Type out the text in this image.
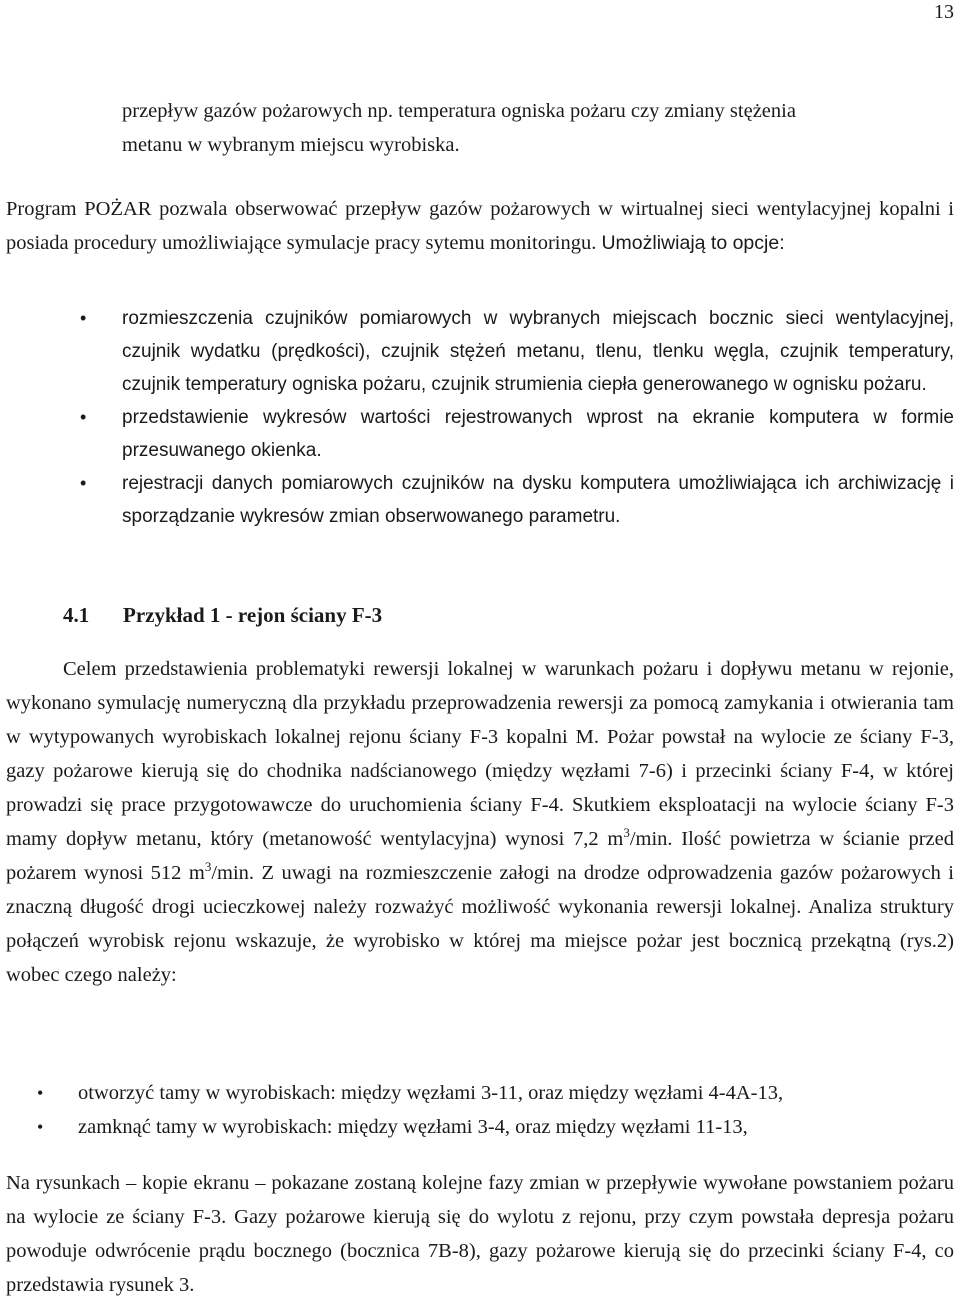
13

przepływ gazów pożarowych np. temperatura ogniska pożaru czy zmiany stężenia
metanu w wybranym miejscu wyrobiska.

Program POŻAR pozwala obserwować przepływ gazów pożarowych w wirtualnej sieci wentylacyjnej kopalni i posiada procedury umożliwiające symulacje pracy sytemu monitoringu. Umożliwiają to opcje:

• rozmieszczenia czujników pomiarowych w wybranych miejscach bocznic sieci wentylacyjnej, czujnik wydatku (prędkości), czujnik stężeń metanu, tlenu, tlenku węgla, czujnik temperatury, czujnik temperatury ogniska pożaru, czujnik strumienia ciepła generowanego w ognisku pożaru.
• przedstawienie wykresów wartości rejestrowanych wprost na ekranie komputera w formie przesuwanego okienka.
• rejestracji danych pomiarowych czujników na dysku komputera umożliwiająca ich archiwizację i sporządzanie wykresów zmian obserwowanego parametru.
4.1 Przykład 1 - rejon ściany F-3

Celem przedstawienia problematyki rewersji lokalnej w warunkach pożaru i dopływu metanu w rejonie, wykonano symulację numeryczną dla przykładu przeprowadzenia rewersji za pomocą zamykania i otwierania tam w wytypowanych wyrobiskach lokalnej rejonu ściany F-3 kopalni M. Pożar powstał na wylocie ze ściany F-3, gazy pożarowe kierują się do chodnika nadścianowego (między węzłami 7-6) i przecinki ściany F-4, w której prowadzi się prace przygotowawcze do uruchomienia ściany F-4. Skutkiem eksploatacji na wylocie ściany F-3 mamy dopływ metanu, który (metanowość wentylacyjna) wynosi 7,2 $m^3/\min$. Ilość powietrza w ścianie przed pożarem wynosi 512 $m^3/\min$. Z uwagi na rozmieszczenie załogi na drodze odprowadzenia gazów pożarowych i znaczną długość drogi ucieczkowej należy rozważyć możliwość wykonania rewersji lokalnej. Analiza struktury połączeń wyrobisk rejonu wskazuje, że wyrobisko w której ma miejsce pożar jest bocznicą przekątną (rys.2) wobec czego należy:

• otworzyć tamy w wyrobiskach: między węzłami 3-11, oraz między węzłami 4-4A-13,
• zamknąć tamy w wyrobiskach: między węzłami 3-4, oraz między węzłami 11-13,

Na rysunkach – kopie ekranu – pokazane zostaną kolejne fazy zmian w przepływie wywołane powstaniem pożaru na wylocie ze ściany F-3. Gazy pożarowe kierują się do wylotu z rejonu, przy czym powstała depresja pożaru powoduje odwrócenie prądu bocznego (bocznica 7B-8), gazy pożarowe kierują się do przecinki ściany F-4, co przedstawia rysunek 3.
